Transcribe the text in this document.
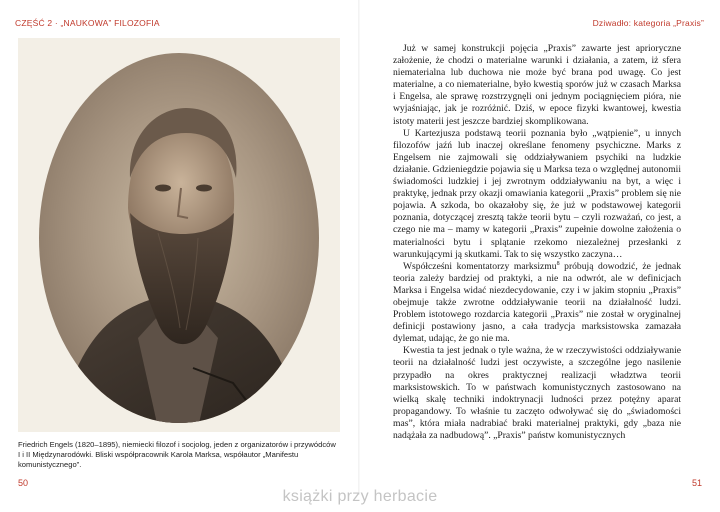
CZĘŚĆ 2 · „NAUKOWA” FILOZOFIA
Friedrich Engels (1820–1895), niemiecki filozof i socjolog, jeden z organizatorów i przywódców I i II Międzynarodówki. Bliski współpracownik Karola Marksa, współautor „Manifestu komunistycznego”.
50
Dziwadło: kategoria „Praxis”
51

Już w samej konstrukcji pojęcia „Praxis” zawarte jest aprioryczne założenie, że chodzi o materialne warunki i działania, a zatem, iż sfera niematerialna lub duchowa nie może być brana pod uwagę. Co jest materialne, a co niematerialne, było kwestią sporów już w czasach Marksa i Engelsa, ale sprawę rozstrzygnęli oni jednym pociągnięciem pióra, nie wyjaśniając, jak je rozróżnić. Dziś, w epoce fizyki kwantowej, kwestia istoty materii jest jeszcze bardziej skomplikowana.

U Kartezjusza podstawą teorii poznania było „wątpienie”, u innych filozofów jaźń lub inaczej określane fenomeny psychiczne. Marks z Engelsem nie zajmowali się oddziaływaniem psychiki na ludzkie działanie. Gdzieniegdzie pojawia się u Marksa teza o względnej autonomii świadomości ludzkiej i jej zwrotnym oddziaływaniu na byt, a więc i praktykę, jednak przy okazji omawiania kategorii „Praxis” problem się nie pojawia. A szkoda, bo okazałoby się, że już w podstawowej kategorii poznania, dotyczącej zresztą także teorii bytu – czyli rozważań, co jest, a czego nie ma – mamy w kategorii „Praxis” zupełnie dowolne założenia o materialności bytu i splątanie rzekomo niezależnej przesłanki z warunkującymi ją skutkami. Tak to się wszystko zaczyna…

Współcześni komentatorzy marksizmu$^8$ próbują dowodzić, że jednak teoria zależy bardziej od praktyki, a nie na odwrót, ale w definicjach Marksa i Engelsa widać niezdecydowanie, czy i w jakim stopniu „Praxis” obejmuje także zwrotne oddziaływanie teorii na działalność ludzi. Problem istotowego rozdarcia kategorii „Praxis” nie został w oryginalnej definicji postawiony jasno, a cała tradycja marksistowska zamazała dylemat, udając, że go nie ma.

Kwestia ta jest jednak o tyle ważna, że w rzeczywistości oddziaływanie teorii na działalność ludzi jest oczywiste, a szczególne jego nasilenie przypadło na okres praktycznej realizacji władztwa teorii marksistowskich. To w państwach komunistycznych zastosowano na wielką skalę techniki indoktrynacji ludności przez potężny aparat propagandowy. To właśnie tu zaczęto odwoływać się do „świadomości mas”, która miała nadrabiać braki materialnej praktyki, gdy „baza nie nadążała za nadbudową”. „Praxis” państw komunistycznych

książki przy herbacie
